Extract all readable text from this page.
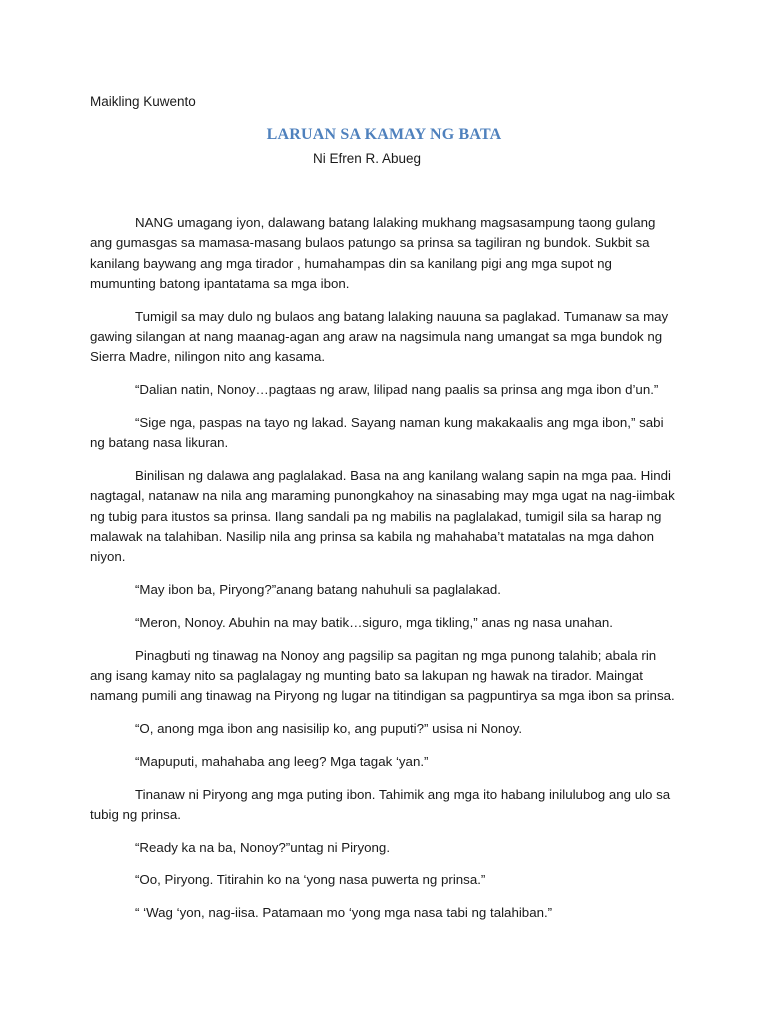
Maikling Kuwento
LARUAN SA KAMAY NG BATA
Ni Efren R. Abueg

NANG umagang iyon, dalawang batang lalaking mukhang magsasampung taong gulang ang gumasgas sa mamasa-masang bulaos patungo sa prinsa sa tagiliran ng bundok. Sukbit sa kanilang baywang ang mga tirador , humahampas din sa kanilang pigi ang mga supot ng mumunting batong ipantatama sa mga ibon.

Tumigil sa may dulo ng bulaos ang batang lalaking nauuna sa paglakad. Tumanaw sa may gawing silangan at nang maanag-agan ang araw na nagsimula nang umangat sa mga bundok ng Sierra Madre, nilingon nito ang kasama.

“Dalian natin, Nonoy…pagtaas ng araw, lilipad nang paalis sa prinsa ang mga ibon d’un.”

“Sige nga, paspas na tayo ng lakad. Sayang naman kung makakaalis ang mga ibon,” sabi ng batang nasa likuran.

Binilisan ng dalawa ang paglalakad. Basa na ang kanilang walang sapin na mga paa. Hindi nagtagal, natanaw na nila ang maraming punongkahoy na sinasabing may mga ugat na nag-iimbak ng tubig para itustos sa prinsa. Ilang sandali pa ng mabilis na paglalakad, tumigil sila sa harap ng malawak na talahiban. Nasilip nila ang prinsa sa kabila ng mahahaba’t matatalas na mga dahon niyon.

“May ibon ba, Piryong?”anang batang nahuhuli sa paglalakad.

“Meron, Nonoy. Abuhin na may batik…siguro, mga tikling,” anas ng nasa unahan.

Pinagbuti ng tinawag na Nonoy ang pagsilip sa pagitan ng mga punong talahib; abala rin ang isang kamay nito sa paglalagay ng munting bato sa lakupan ng hawak na tirador. Maingat namang pumili ang tinawag na Piryong ng lugar na titindigan sa pagpuntirya sa mga ibon sa prinsa.

“O, anong mga ibon ang nasisilip ko, ang puputi?” usisa ni Nonoy.

“Mapuputi, mahahaba ang leeg? Mga tagak ‘yan.”

Tinanaw ni Piryong ang mga puting ibon. Tahimik ang mga ito habang inilulubog ang ulo sa tubig ng prinsa.

“Ready ka na ba, Nonoy?”untag ni Piryong.

“Oo, Piryong. Titirahin ko na ‘yong nasa puwerta ng prinsa.”

“ ‘Wag ‘yon, nag-iisa. Patamaan mo ‘yong mga nasa tabi ng talahiban.”
